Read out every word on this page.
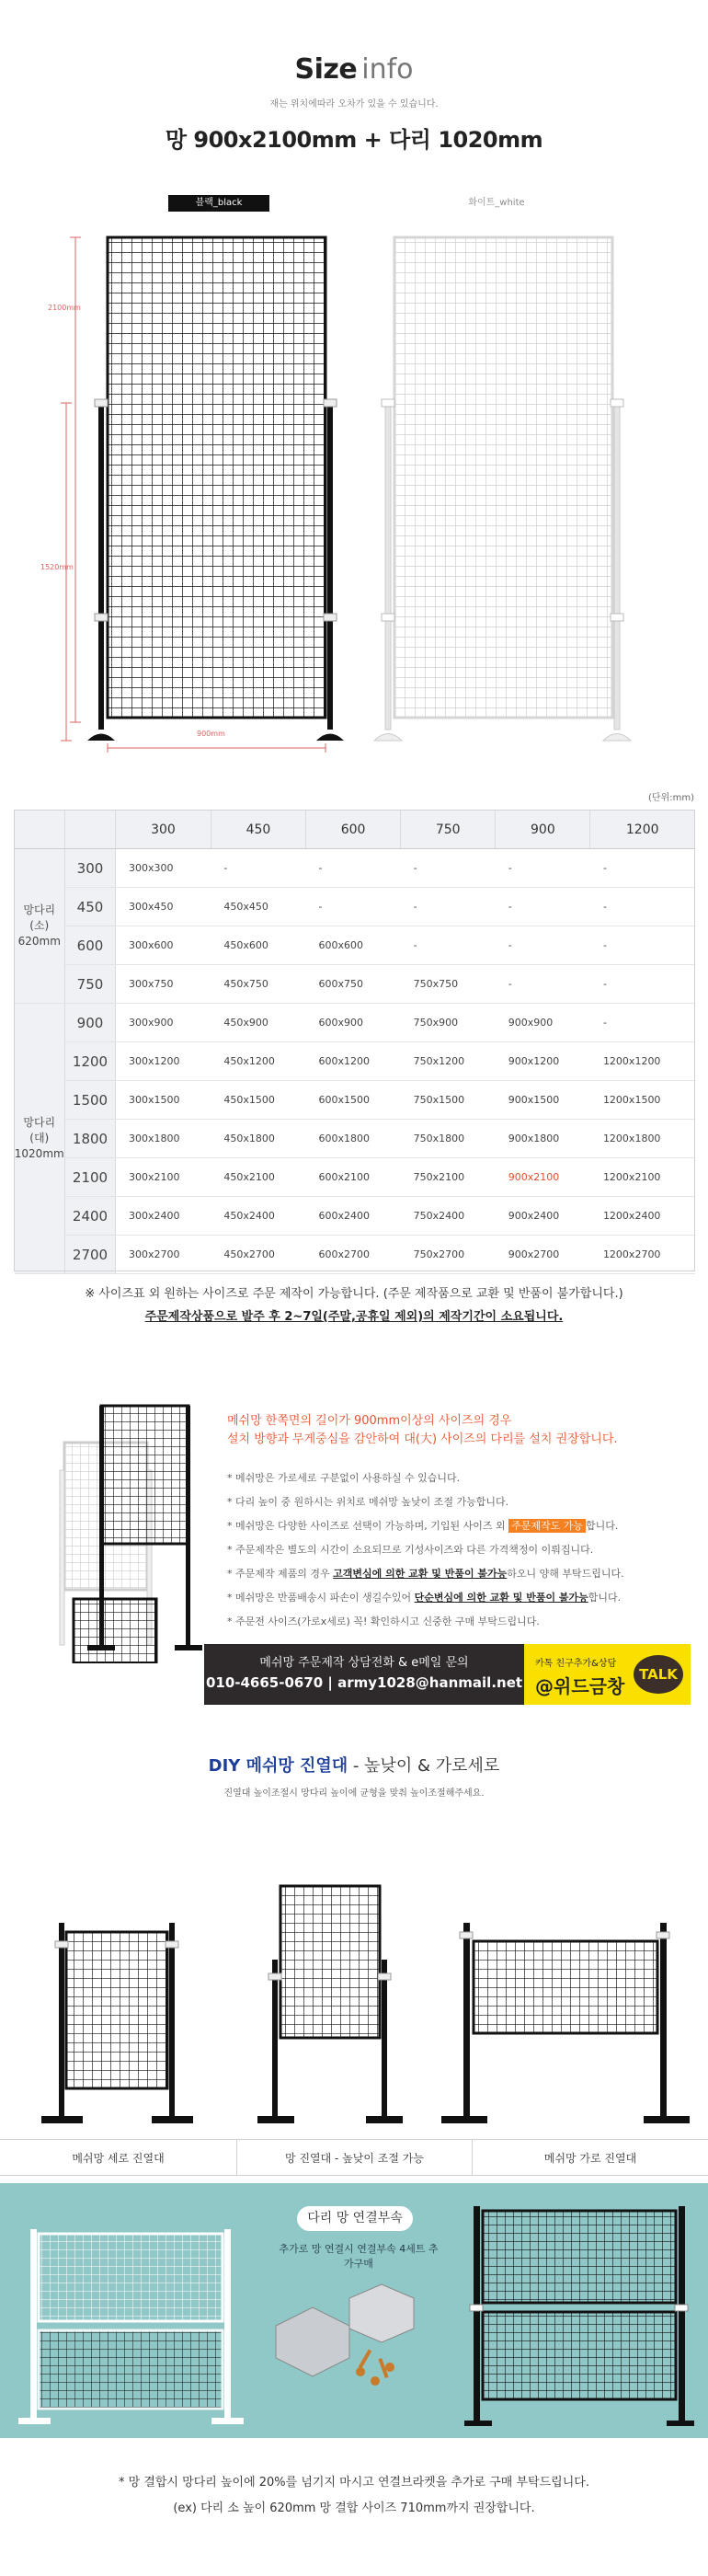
Size info
재는 위치에따라 오차가 있을 수 있습니다.
망 900x2100mm + 다리 1020mm
블랙_black	화이트_white
2100mm
1520mm
900mm
(단위:mm)
		300	450	600	750	900	1200

망다리(소)
620mm	300	300x300	-	-	-	-	-
	450	300x450	450x450	-	-	-	-
	600	300x600	450x600	600x600	-	-	-
	750	300x750	450x750	600x750	750x750	-	-

망다리(대)
1020mm	900	300x900	450x900	600x900	750x900	900x900	-
	1200	300x1200	450x1200	600x1200	750x1200	900x1200	1200x1200
	1500	300x1500	450x1500	600x1500	750x1500	900x1500	1200x1500
	1800	300x1800	450x1800	600x1800	750x1800	900x1800	1200x1800
	2100	300x2100	450x2100	600x2100	750x2100	900x2100	1200x2100
	2400	300x2400	450x2400	600x2400	750x2400	900x2400	1200x2400
	2700	300x2700	450x2700	600x2700	750x2700	900x2700	1200x2700
※ 사이즈표 외 원하는 사이즈로 주문 제작이 가능합니다. (주문 제작품으로 교환 및 반품이 불가합니다.)
주문제작상품으로 발주 후 2~7일(주말,공휴일 제외)의 제작기간이 소요됩니다.
메쉬망 한쪽면의 길이가 900mm이상의 사이즈의 경우
설치 방향과 무게중심을 감안하여 대(大) 사이즈의 다리를 설치 권장합니다.
* 메쉬망은 가로세로 구분없이 사용하실 수 있습니다.
* 다리 높이 중 원하시는 위치로 메쉬망 높낮이 조절 가능합니다.
* 메쉬망은 다양한 사이즈로 선택이 가능하며, 기입된 사이즈 외 주문제작도 가능 합니다.
* 주문제작은 별도의 시간이 소요되므로 기성사이즈와 다른 가격책정이 이뤄집니다.
* 주문제작 제품의 경우 고객변심에 의한 교환 및 반품이 불가능하오니 양해 부탁드립니다.
* 메쉬망은 반품배송시 파손이 생길수있어 단순변심에 의한 교환 및 반품이 불가능합니다.
* 주문전 사이즈(가로x세로) 꼭! 확인하시고 신중한 구매 부탁드립니다.
메쉬망 주문제작 상담전화 & e메일 문의
010-4665-0670 | army1028@hanmail.net
카톡 친구추가&상담
@위드금창
TALK
DIY 메쉬망 진열대 - 높낮이 & 가로세로
진열대 높이조절시 망다리 높이에 균형을 맞춰 높이조절해주세요.
메쉬망 세로 진열대	망 진열대 - 높낮이 조절 가능	메쉬망 가로 진열대
다리 망 연결부속
추가로 망 연결시 연결부속 4세트 추가구매
* 망 결합시 망다리 높이에 20%를 넘기지 마시고 연결브라켓을 추가로 구매 부탁드립니다.
(ex) 다리 소 높이 620mm 망 결합 사이즈 710mm까지 권장합니다.
